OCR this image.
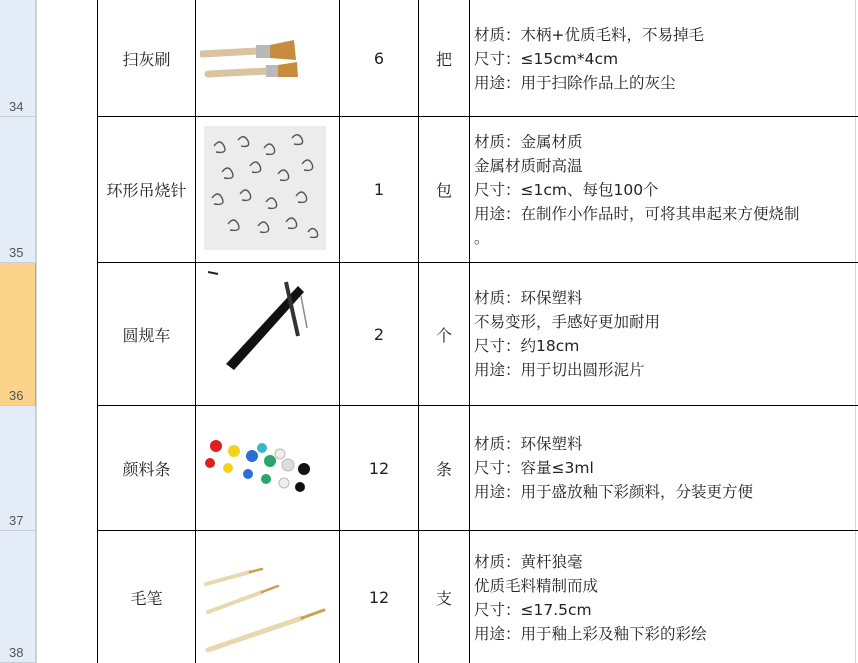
34
35
36
37
38
扫灰刷	6	把
材质：木柄+优质毛料，不易掉毛
尺寸：≤15cm*4cm
用途：用于扫除作品上的灰尘
环形吊烧针	1	包
材质：金属材质
金属材质耐高温
尺寸：≤1cm、每包100个
用途：在制作小作品时，可将其串起来方便烧制
。
圆规车	2	个
材质：环保塑料
不易变形，手感好更加耐用
尺寸：约18cm
用途：用于切出圆形泥片
颜料条	12	条
材质：环保塑料
尺寸：容量≤3ml
用途：用于盛放釉下彩颜料，分装更方便
毛笔	12	支
材质：黄杆狼毫
优质毛料精制而成
尺寸：≤17.5cm
用途：用于釉上彩及釉下彩的彩绘
